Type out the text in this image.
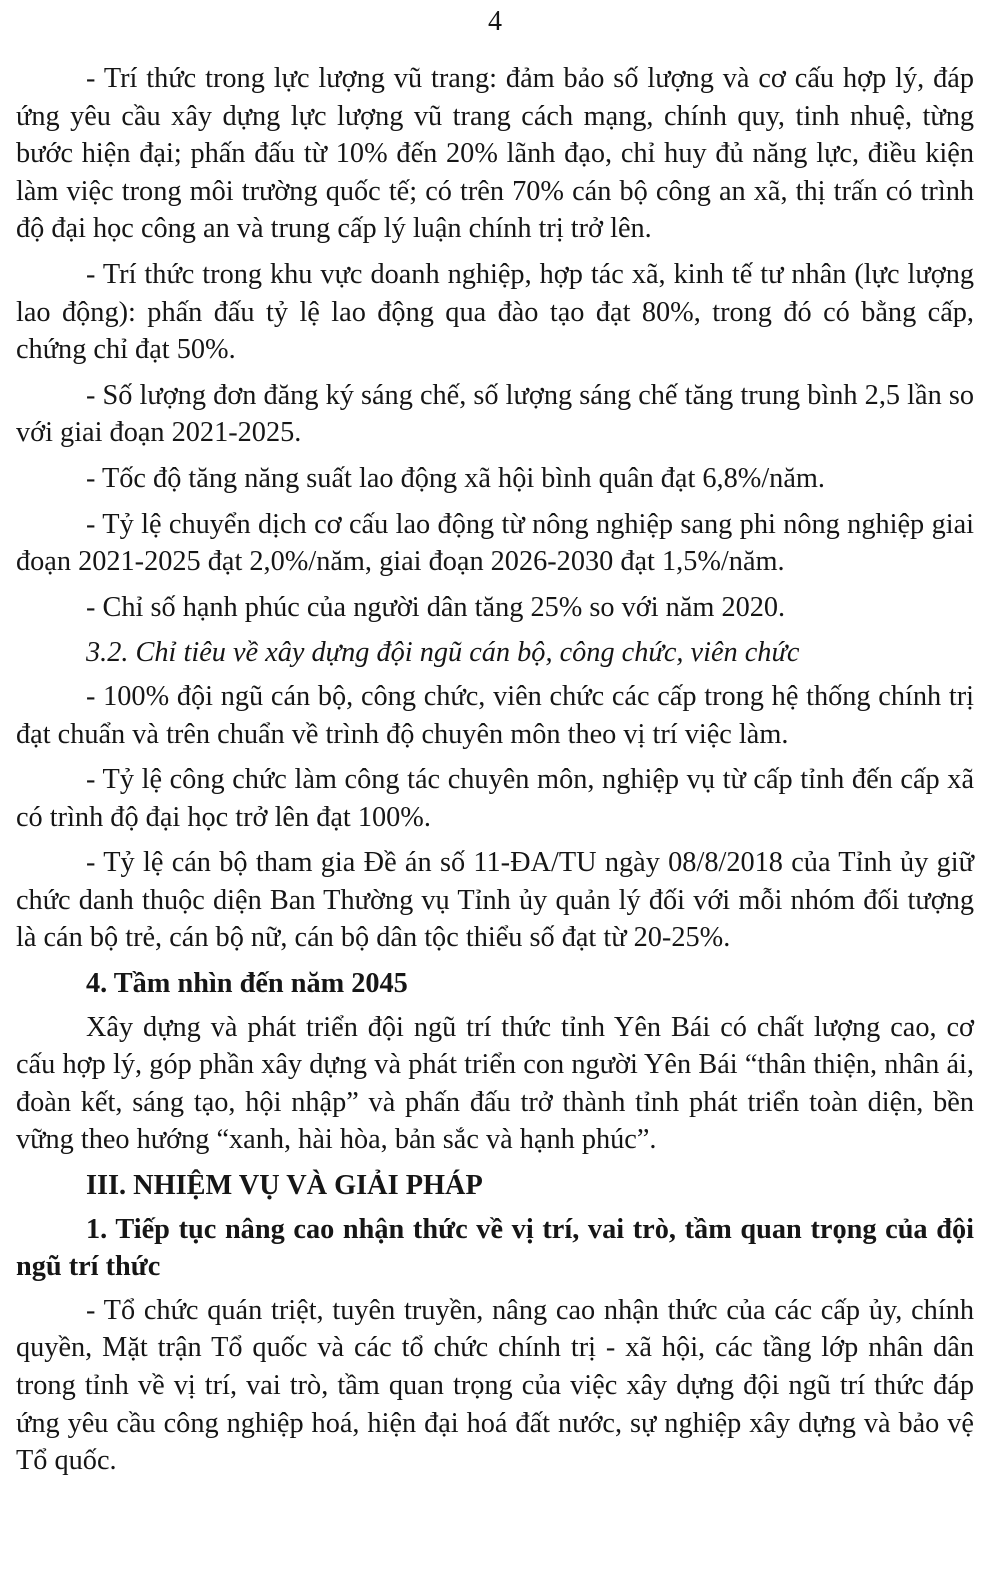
4

- Trí thức trong lực lượng vũ trang: đảm bảo số lượng và cơ cấu hợp lý, đáp ứng yêu cầu xây dựng lực lượng vũ trang cách mạng, chính quy, tinh nhuệ, từng bước hiện đại; phấn đấu từ 10% đến 20% lãnh đạo, chỉ huy đủ năng lực, điều kiện làm việc trong môi trường quốc tế; có trên 70% cán bộ công an xã, thị trấn có trình độ đại học công an và trung cấp lý luận chính trị trở lên.

- Trí thức trong khu vực doanh nghiệp, hợp tác xã, kinh tế tư nhân (lực lượng lao động): phấn đấu tỷ lệ lao động qua đào tạo đạt 80%, trong đó có bằng cấp, chứng chỉ đạt 50%.

- Số lượng đơn đăng ký sáng chế, số lượng sáng chế tăng trung bình 2,5 lần so với giai đoạn 2021-2025.

- Tốc độ tăng năng suất lao động xã hội bình quân đạt 6,8%/năm.

- Tỷ lệ chuyển dịch cơ cấu lao động từ nông nghiệp sang phi nông nghiệp giai đoạn 2021-2025 đạt 2,0%/năm, giai đoạn 2026-2030 đạt 1,5%/năm.

- Chỉ số hạnh phúc của người dân tăng 25% so với năm 2020.

3.2. Chỉ tiêu về xây dựng đội ngũ cán bộ, công chức, viên chức

- 100% đội ngũ cán bộ, công chức, viên chức các cấp trong hệ thống chính trị đạt chuẩn và trên chuẩn về trình độ chuyên môn theo vị trí việc làm.

- Tỷ lệ công chức làm công tác chuyên môn, nghiệp vụ từ cấp tỉnh đến cấp xã có trình độ đại học trở lên đạt 100%.

- Tỷ lệ cán bộ tham gia Đề án số 11-ĐA/TU ngày 08/8/2018 của Tỉnh ủy giữ chức danh thuộc diện Ban Thường vụ Tỉnh ủy quản lý đối với mỗi nhóm đối tượng là cán bộ trẻ, cán bộ nữ, cán bộ dân tộc thiểu số đạt từ 20-25%.

4. Tầm nhìn đến năm 2045

Xây dựng và phát triển đội ngũ trí thức tỉnh Yên Bái có chất lượng cao, cơ cấu hợp lý, góp phần xây dựng và phát triển con người Yên Bái “thân thiện, nhân ái, đoàn kết, sáng tạo, hội nhập” và phấn đấu trở thành tỉnh phát triển toàn diện, bền vững theo hướng “xanh, hài hòa, bản sắc và hạnh phúc”.

III. NHIỆM VỤ VÀ GIẢI PHÁP

1. Tiếp tục nâng cao nhận thức về vị trí, vai trò, tầm quan trọng của đội ngũ trí thức

- Tổ chức quán triệt, tuyên truyền, nâng cao nhận thức của các cấp ủy, chính quyền, Mặt trận Tổ quốc và các tổ chức chính trị - xã hội, các tầng lớp nhân dân trong tỉnh về vị trí, vai trò, tầm quan trọng của việc xây dựng đội ngũ trí thức đáp ứng yêu cầu công nghiệp hoá, hiện đại hoá đất nước, sự nghiệp xây dựng và bảo vệ Tổ quốc.
